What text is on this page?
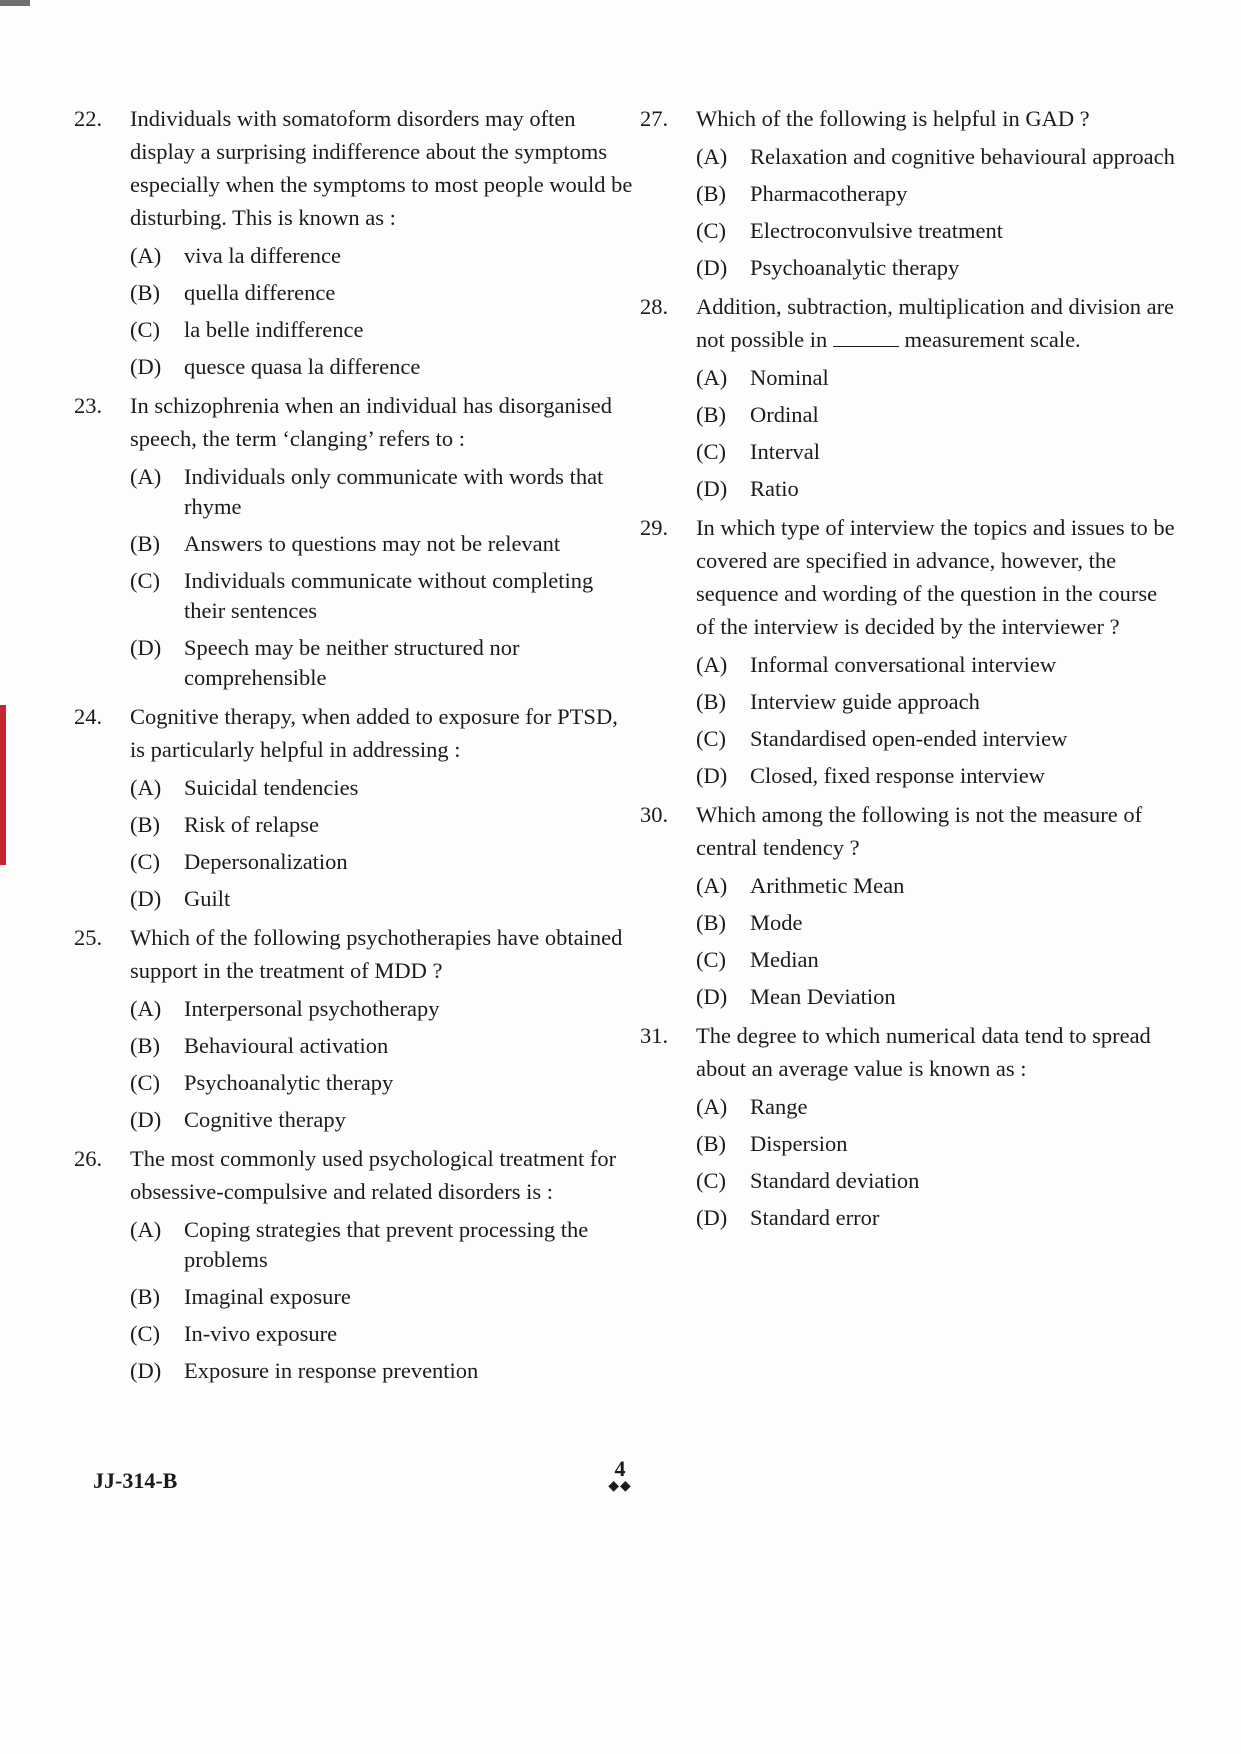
22.	Individuals with somatoform disorders may often display a surprising indifference about the symptoms especially when the symptoms to most people would be disturbing. This is known as :
(A)	viva la difference
(B)	quella difference
(C)	la belle indifference
(D)	quesce quasa la difference
23.	In schizophrenia when an individual has disorganised speech, the term ‘clanging’ refers to :
(A)	Individuals only communicate with words that rhyme
(B)	Answers to questions may not be relevant
(C)	Individuals communicate without completing their sentences
(D)	Speech may be neither structured nor comprehensible
24.	Cognitive therapy, when added to exposure for PTSD, is particularly helpful in addressing :
(A)	Suicidal tendencies
(B)	Risk of relapse
(C)	Depersonalization
(D)	Guilt
25.	Which of the following psychotherapies have obtained support in the treatment of MDD ?
(A)	Interpersonal psychotherapy
(B)	Behavioural activation
(C)	Psychoanalytic therapy
(D)	Cognitive therapy
26.	The most commonly used psychological treatment for obsessive-compulsive and related disorders is :
(A)	Coping strategies that prevent processing the problems
(B)	Imaginal exposure
(C)	In-vivo exposure
(D)	Exposure in response prevention
27.	Which of the following is helpful in GAD ?
(A)	Relaxation and cognitive behavioural approach
(B)	Pharmacotherapy
(C)	Electroconvulsive treatment
(D)	Psychoanalytic therapy
28.	Addition, subtraction, multiplication and division are not possible in	measurement scale.
(A)	Nominal
(B)	Ordinal
(C)	Interval
(D)	Ratio
29.	In which type of interview the topics and issues to be covered are specified in advance, however, the sequence and wording of the question in the course of the interview is decided by the interviewer ?
(A)	Informal conversational interview
(B)	Interview guide approach
(C)	Standardised open-ended interview
(D)	Closed, fixed response interview
30.	Which among the following is not the measure of central tendency ?
(A)	Arithmetic Mean
(B)	Mode
(C)	Median
(D)	Mean Deviation
31.	The degree to which numerical data tend to spread about an average value is known as :
(A)	Range
(B)	Dispersion
(C)	Standard deviation
(D)	Standard error
JJ-314-B	4
◆◆
